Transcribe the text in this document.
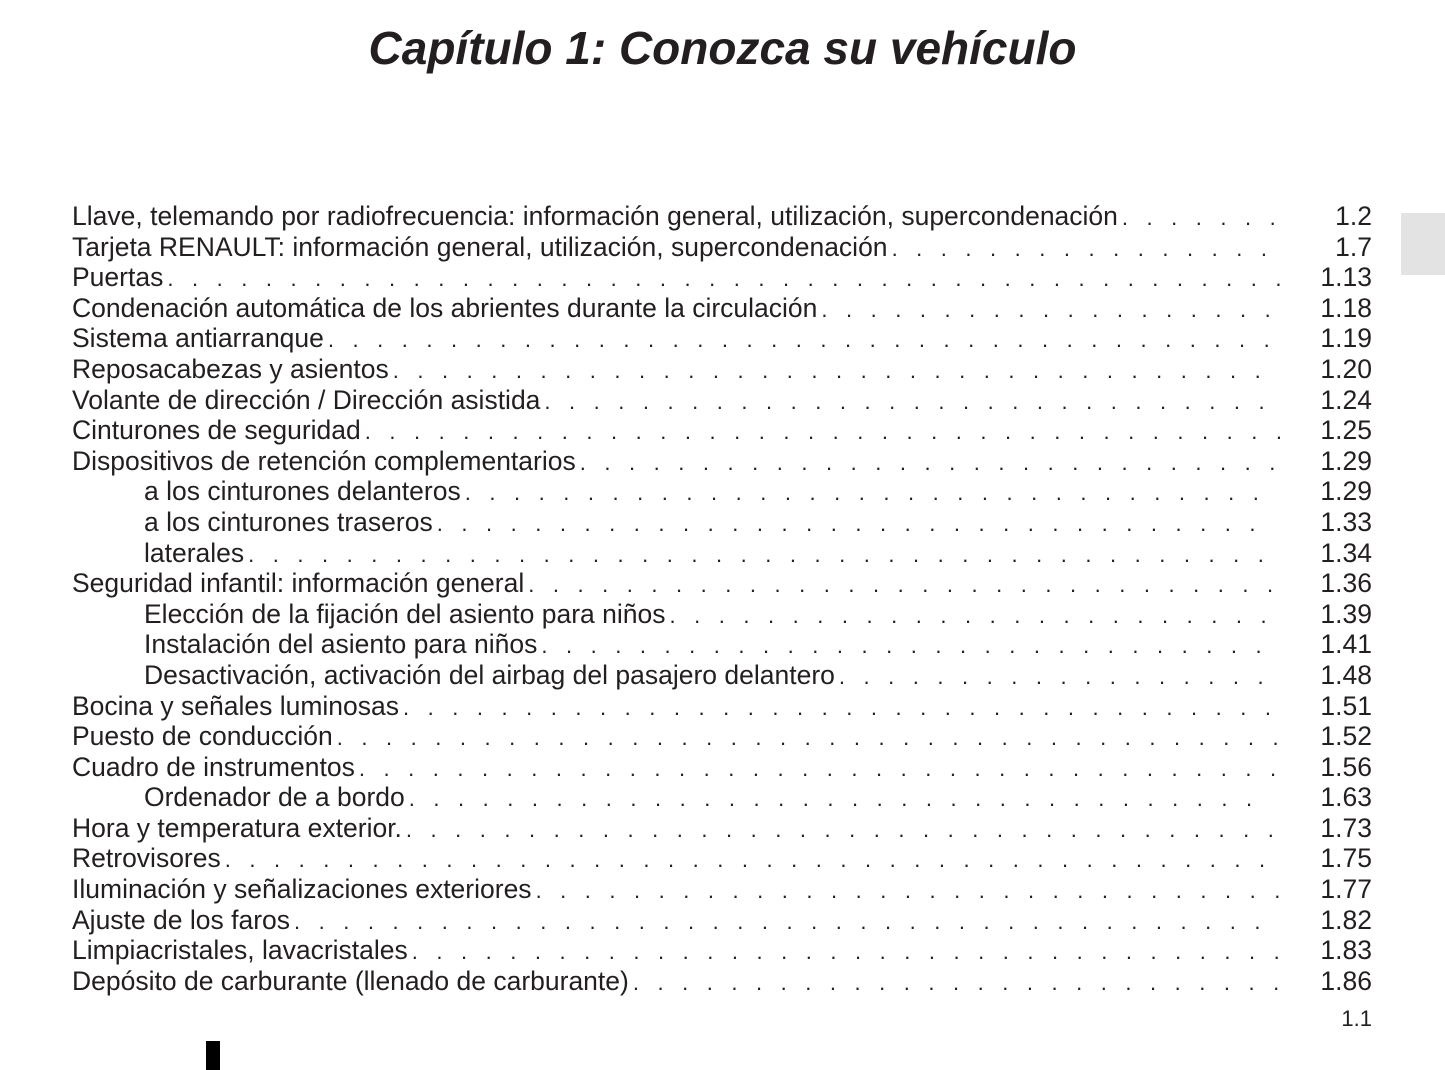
Capítulo 1: Conozca su vehículo
Llave, telemando por radiofrecuencia: información general, utilización, supercondenación . . .	1.2
Tarjeta RENAULT: información general, utilización, supercondenación . . .	1.7
Puertas . . .	1.13
Condenación automática de los abrientes durante la circulación . . .	1.18
Sistema antiarranque . . .	1.19
Reposacabezas y asientos . . .	1.20
Volante de dirección / Dirección asistida . . .	1.24
Cinturones de seguridad . . .	1.25
Dispositivos de retención complementarios . . .	1.29
a los cinturones delanteros . . .	1.29
a los cinturones traseros . . .	1.33
laterales . . .	1.34
Seguridad infantil: información general . . .	1.36
Elección de la fijación del asiento para niños . . .	1.39
Instalación del asiento para niños . . .	1.41
Desactivación, activación del airbag del pasajero delantero . . .	1.48
Bocina y señales luminosas . . .	1.51
Puesto de conducción . . .	1.52
Cuadro de instrumentos . . .	1.56
Ordenador de a bordo . . .	1.63
Hora y temperatura exterior. . . .	1.73
Retrovisores . . .	1.75
Iluminación y señalizaciones exteriores . . .	1.77
Ajuste de los faros . . .	1.82
Limpiacristales, lavacristales . . .	1.83
Depósito de carburante (llenado de carburante) . . .	1.86
1.1
